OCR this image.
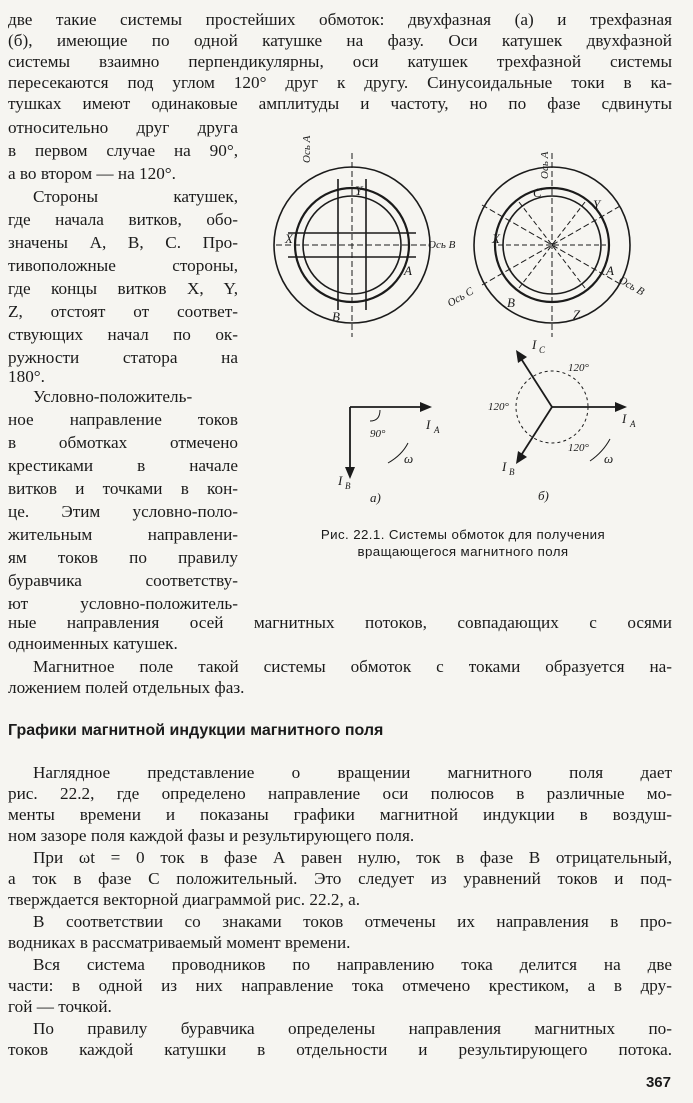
две такие системы простейших обмоток: двухфазная (а) и трехфазная
(б), имеющие по одной катушке на фазу. Оси катушек двухфазной
системы взаимно перпендикулярны, оси катушек трехфазной системы
пересекаются под углом 120° друг к другу. Синусоидальные токи в ка-
тушках имеют одинаковые амплитуды и частоту, но по фазе сдвинуты
относительно друг друга
в первом случае на 90°,
а во втором — на 120°.
Стороны катушек,
где начала витков, обо-
значены А, В, С. Про-
тивоположные стороны,
где концы витков X, Y,
Z, отстоят от соответ-
ствующих начал по ок-
ружности статора на
180°.
Условно-положитель-
ное направление токов
в обмотках отмечено
крестиками в начале
витков и точками в кон-
це. Этим условно-поло-
жительным направлени-
ям токов по правилу
буравчика соответству-
ют условно-положитель-
Ось A
Ось B
X
A
Y
B
Ось A
Ось B
Ось C
X
A
Y
C
B
Z
I A
I B
90°
ω
а)
I C
I A
I B
120°
120°
120°
ω
б)
Рис. 22.1. Системы обмоток для получения
вращающегося магнитного поля
ные направления осей магнитных потоков, совпадающих с осями
одноименных катушек.
Магнитное поле такой системы обмоток с токами образуется на-
ложением полей отдельных фаз.
Графики магнитной индукции магнитного поля
Наглядное представление о вращении магнитного поля дает
рис. 22.2, где определено направление оси полюсов в различные мо-
менты времени и показаны графики магнитной индукции в воздуш-
ном зазоре поля каждой фазы и результирующего поля.
При ωt = 0 ток в фазе А равен нулю, ток в фазе В отрицательный,
а ток в фазе С положительный. Это следует из уравнений токов и под-
тверждается векторной диаграммой рис. 22.2, а.
В соответствии со знаками токов отмечены их направления в про-
водниках в рассматриваемый момент времени.
Вся система проводников по направлению тока делится на две
части: в одной из них направление тока отмечено крестиком, а в дру-
гой — точкой.
По правилу буравчика определены направления магнитных по-
токов каждой катушки в отдельности и результирующего потока.
367
